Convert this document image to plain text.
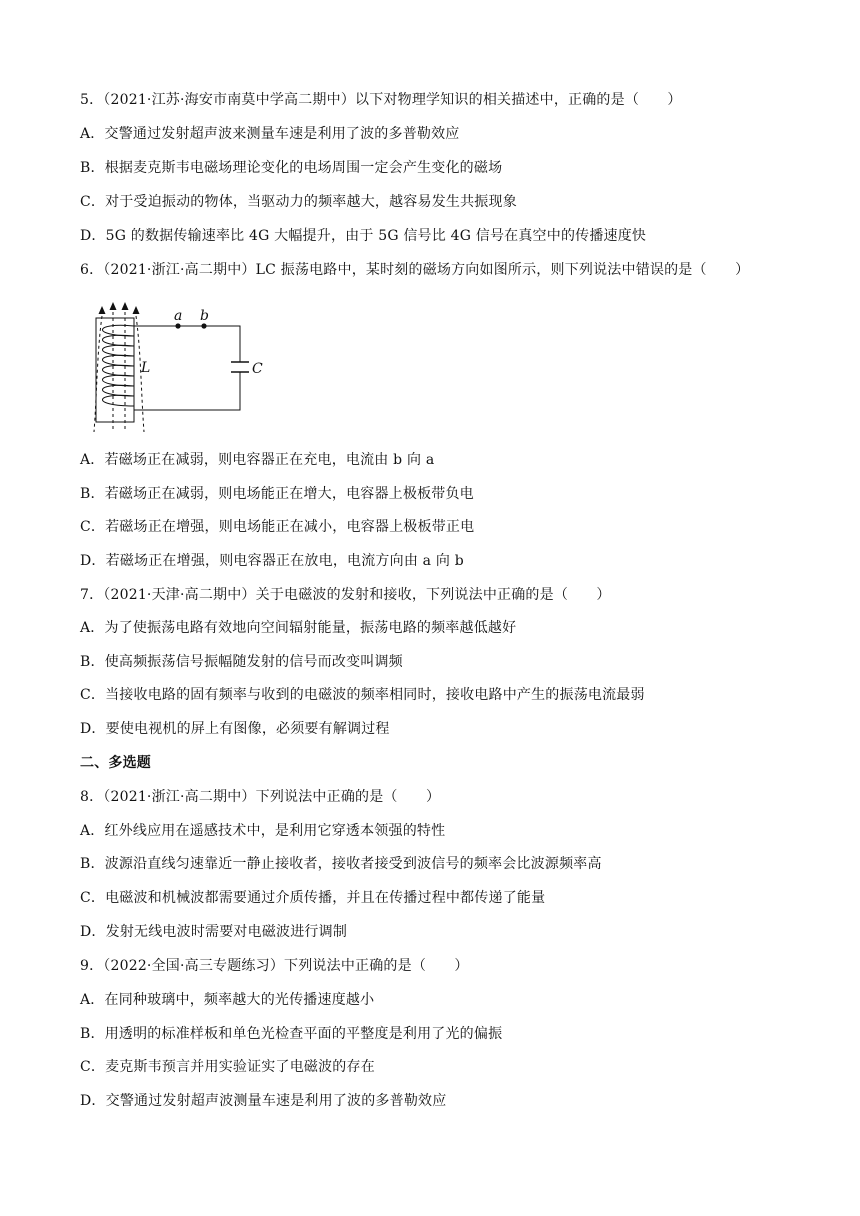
5．（2021·江苏·海安市南莫中学高二期中）以下对物理学知识的相关描述中，正确的是（　　）
A．交警通过发射超声波来测量车速是利用了波的多普勒效应
B．根据麦克斯韦电磁场理论变化的电场周围一定会产生变化的磁场
C．对于受迫振动的物体，当驱动力的频率越大，越容易发生共振现象
D．5G 的数据传输速率比 4G 大幅提升，由于 5G 信号比 4G 信号在真空中的传播速度快
6．（2021·浙江·高二期中）LC 振荡电路中，某时刻的磁场方向如图所示，则下列说法中错误的是（　　）
a b
L	C
A．若磁场正在减弱，则电容器正在充电，电流由 b 向 a
B．若磁场正在减弱，则电场能正在增大，电容器上极板带负电
C．若磁场正在增强，则电场能正在减小，电容器上极板带正电
D．若磁场正在增强，则电容器正在放电，电流方向由 a 向 b
7．（2021·天津·高二期中）关于电磁波的发射和接收，下列说法中正确的是（　　）
A．为了使振荡电路有效地向空间辐射能量，振荡电路的频率越低越好
B．使高频振荡信号振幅随发射的信号而改变叫调频
C．当接收电路的固有频率与收到的电磁波的频率相同时，接收电路中产生的振荡电流最弱
D．要使电视机的屏上有图像，必须要有解调过程
二、多选题
8．（2021·浙江·高二期中）下列说法中正确的是（　　）
A．红外线应用在遥感技术中，是利用它穿透本领强的特性
B．波源沿直线匀速靠近一静止接收者，接收者接受到波信号的频率会比波源频率高
C．电磁波和机械波都需要通过介质传播，并且在传播过程中都传递了能量
D．发射无线电波时需要对电磁波进行调制
9．（2022·全国·高三专题练习）下列说法中正确的是（　　）
A．在同种玻璃中，频率越大的光传播速度越小
B．用透明的标准样板和单色光检查平面的平整度是利用了光的偏振
C．麦克斯韦预言并用实验证实了电磁波的存在
D．交警通过发射超声波测量车速是利用了波的多普勒效应
